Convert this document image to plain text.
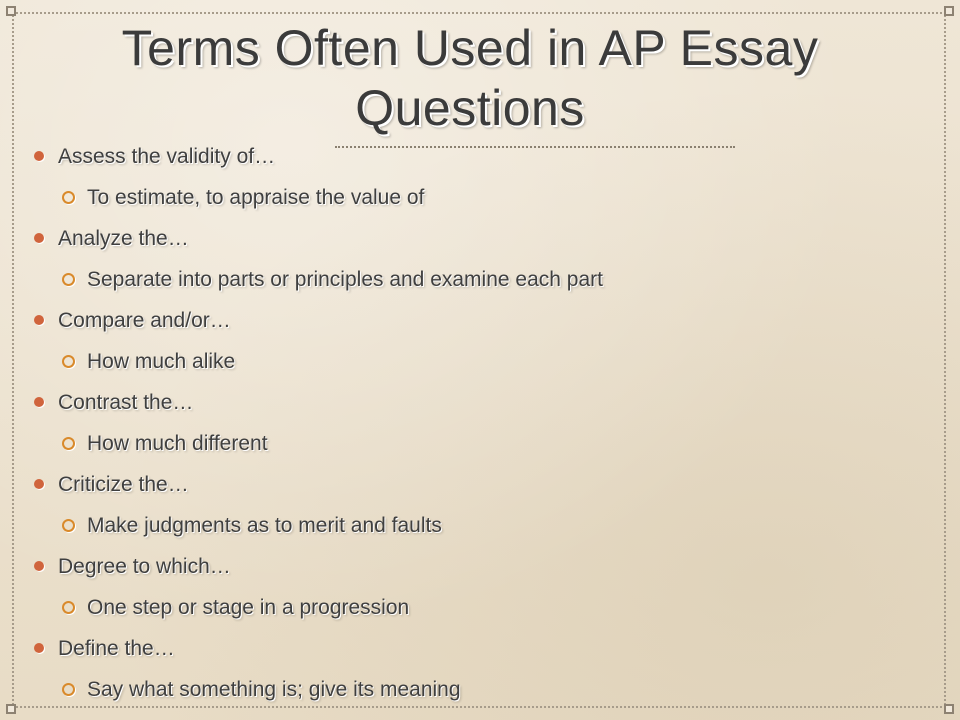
Terms Often Used in AP Essay Questions
Assess the validity of…
To estimate, to appraise the value of
Analyze the…
Separate into parts or principles and examine each part
Compare and/or…
How much alike
Contrast the…
How much different
Criticize the…
Make judgments as to merit and faults
Degree to which…
One step or stage in a progression
Define the…
Say what something is; give its meaning
